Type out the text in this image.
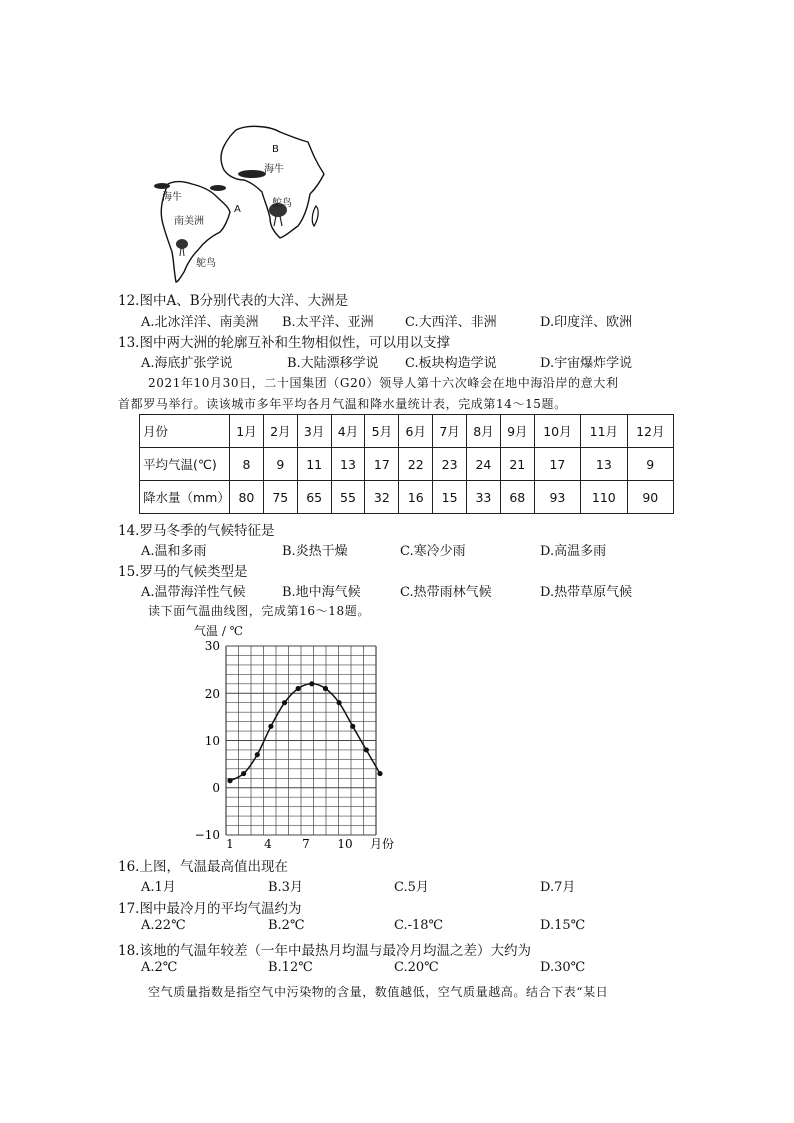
B
海牛
海牛
A
鸵鸟
南美洲
鸵鸟
12.图中A、B分别代表的大洋、大洲是
A.北冰洋洋、南美洲 B.太平洋、亚洲 C.大西洋、非洲	D.印度洋、欧洲
13.图中两大洲的轮廓互补和生物相似性，可以用以支撑
A.海底扩张学说	B.大陆漂移学说 C.板块构造学说	D.宇宙爆炸学说
2021年10月30日，二十国集团（G20）领导人第十六次峰会在地中海沿岸的意大利
首都罗马举行。读该城市多年平均各月气温和降水量统计表，完成第14～15题。
月份	1月	2月	3月	4月	5月	6月	7月	8月	9月	10月	11月	12月
平均气温(℃)	8	9	11	13	17	22	23	24	21	17	13	9
降水量（mm）	80	75	65	55	32	16	15	33	68	93	110	90
14.罗马冬季的气候特征是
A.温和多雨	B.炎热干燥	C.寒冷少雨	D.高温多雨
15.罗马的气候类型是
A.温带海洋性气候	B.地中海气候	C.热带雨林气候	D.热带草原气候
读下面气温曲线图，完成第16～18题。
气温 / ℃
30
20
10
0
−10
1	4	7 10 月份
16.上图，气温最高值出现在
A.1月	B.3月	C.5月	D.7月
17.图中最冷月的平均气温约为
A.22℃	B.2℃	C.-18℃	D.15℃
18.该地的气温年较差（一年中最热月均温与最冷月均温之差）大约为
A.2℃	B.12℃	C.20℃	D.30℃
空气质量指数是指空气中污染物的含量，数值越低，空气质量越高。结合下表“某日
